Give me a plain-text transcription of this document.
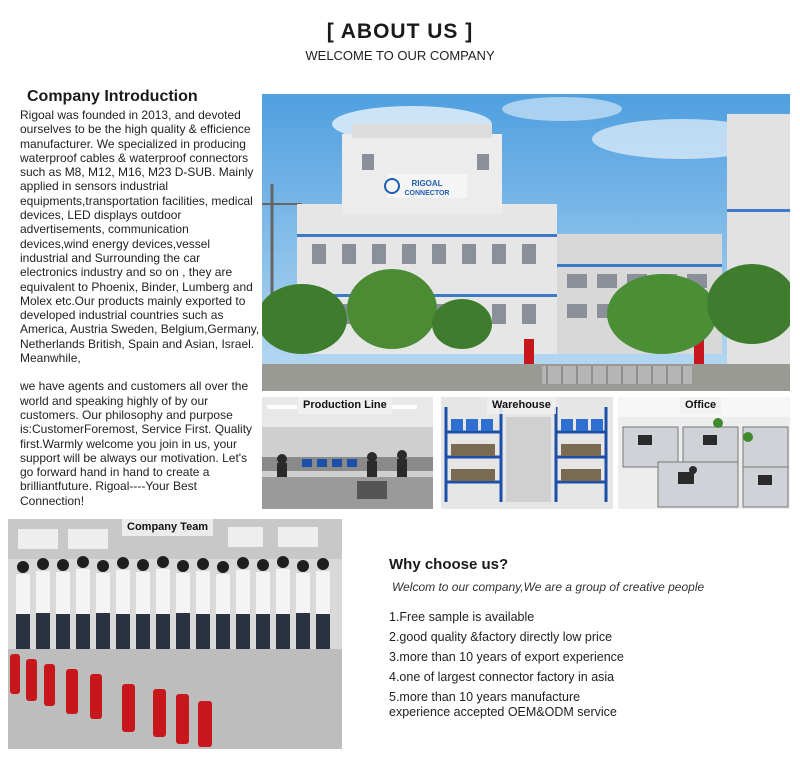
[ ABOUT US ]
WELCOME TO OUR COMPANY
Company Introduction

Rigoal was founded in 2013, and devoted ourselves to be the high quality & efficience manufacturer. We specialized in producing waterproof cables & waterproof connectors such as M8, M12, M16, M23 D-SUB. Mainly applied in sensors industrial equipments,transportation facilities, medical devices, LED displays outdoor advertisements, communication devices,wind energy devices,vessel industrial and Surrounding the car electronics industry and so on , they are equivalent to Phoenix, Binder, Lumberg and Molex etc.Our products mainly exported to developed industrial countries such as America, Austria Sweden, Belgium,Germany, Netherlands British, Spain and Asian, Israel. Meanwhile,

we have agents and customers all over the world and speaking highly of by our customers. Our philosophy and purpose is:CustomerForemost, Service First. Quality first.Warmly welcome you join in us, your support will be always our motivation. Let's go forward hand in hand to create a brilliantfuture. Rigoal----Your Best Connection!

RIGOAL
CONNECTOR
Production Line	Warehouse	Office
Company Team
Why choose us?
Welcom to our company,We are a group of creative people
1.Free sample is available
2.good quality &factory directly low price
3.more than 10 years of export experience
4.one of largest connector factory in asia
5.more than 10 years manufacture
experience accepted OEM&ODM service
